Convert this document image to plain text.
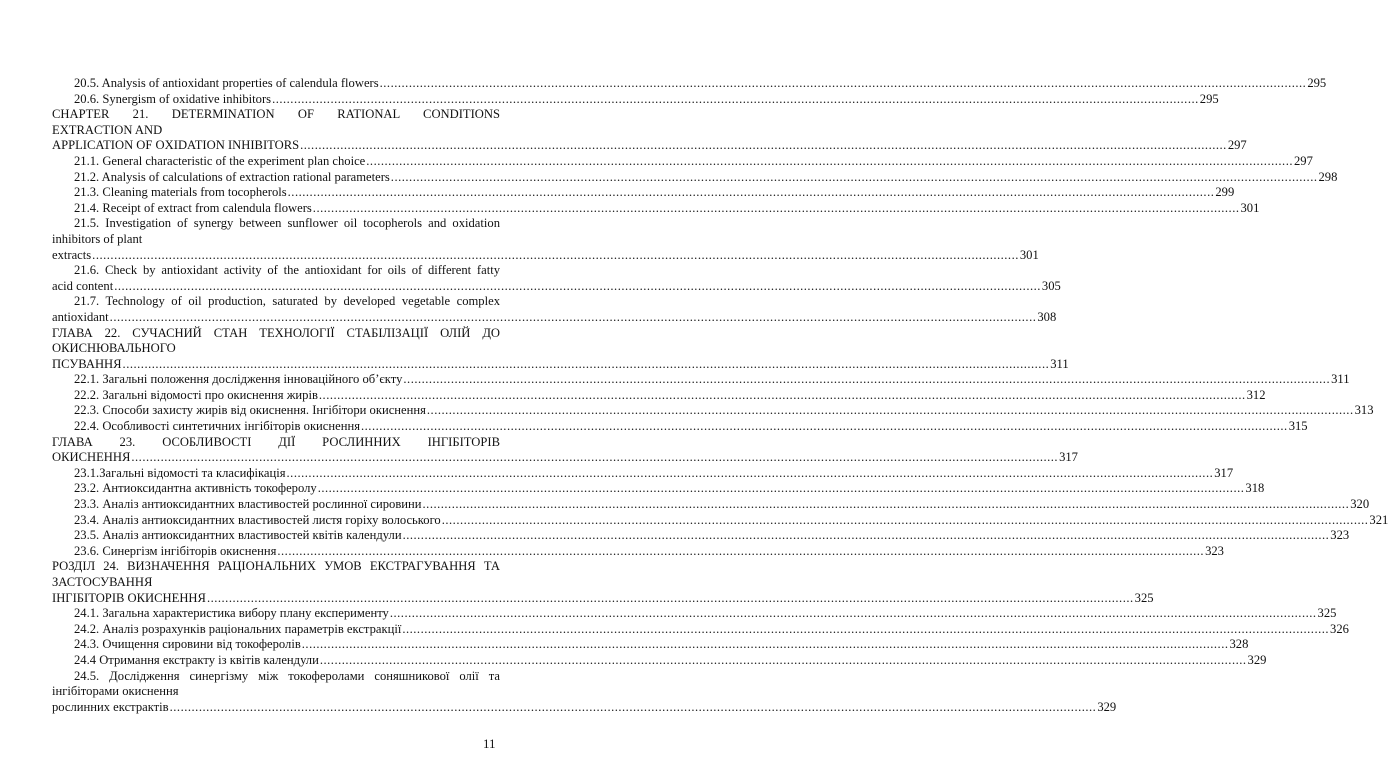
20.5. Analysis of antioxidant properties of calendula flowers .....	295
20.6. Synergism of oxidative inhibitors .....	295
CHAPTER 21. DETERMINATION OF RATIONAL CONDITIONS
EXTRACTION AND
APPLICATION OF OXIDATION INHIBITORS .....	297
21.1. General characteristic of the experiment plan choice .....	297
21.2. Analysis of calculations of extraction rational parameters .....	298
21.3. Cleaning materials from tocopherols .....	299
21.4. Receipt of extract from calendula flowers .....	301
21.5. Investigation of synergy between sunflower oil tocopherols and oxidation
inhibitors of plant
extracts .....	301
21.6. Check by antioxidant activity of the antioxidant for oils of different fatty
acid content .....	305
21.7. Technology of oil production, saturated by developed vegetable complex
antioxidant .....	308
ГЛАВА 22. СУЧАСНИЙ СТАН ТЕХНОЛОГІЇ СТАБІЛІЗАЦІЇ ОЛІЙ ДО
ОКИСНЮВАЛЬНОГО
ПСУВАННЯ .....	311
22.1. Загальні положення дослідження інноваційного об’єкту .....	311
22.2. Загальні відомості про окиснення жирів .....	312
22.3. Способи захисту жирів від окиснення. Інгібітори окиснення .....	313
22.4. Особливості синтетичних інгібіторів окиснення .....	315
ГЛАВА 23. ОСОБЛИВОСТІ ДІЇ РОСЛИННИХ ІНГІБІТОРІВ
ОКИСНЕННЯ .....	317
23.1.Загальні відомості та класифікація .....	317
23.2. Антиоксидантна активність токоферолу .....	318
23.3. Аналіз антиоксидантних властивостей рослинної сировини .....	320
23.4. Аналіз антиоксидантних властивостей листя горіху волоського .....	321
23.5. Аналіз антиоксидантних властивостей квітів календули .....	323
23.6. Синергізм інгібіторів окиснення .....	323
РОЗДІЛ 24. ВИЗНАЧЕННЯ РАЦІОНАЛЬНИХ УМОВ ЕКСТРАГУВАННЯ ТА
ЗАСТОСУВАННЯ
ІНГІБІТОРІВ ОКИСНЕННЯ .....	325
24.1. Загальна характеристика вибору плану експерименту .....	325
24.2. Аналіз розрахунків раціональних параметрів екстракції .....	326
24.3. Очищення сировини від токоферолів .....	328
24.4 Отримання екстракту із квітів календули .....	329
24.5. Дослідження синергізму між токоферолами соняшникової олії та
інгібіторами окиснення
рослинних екстрактів .....	329
11
